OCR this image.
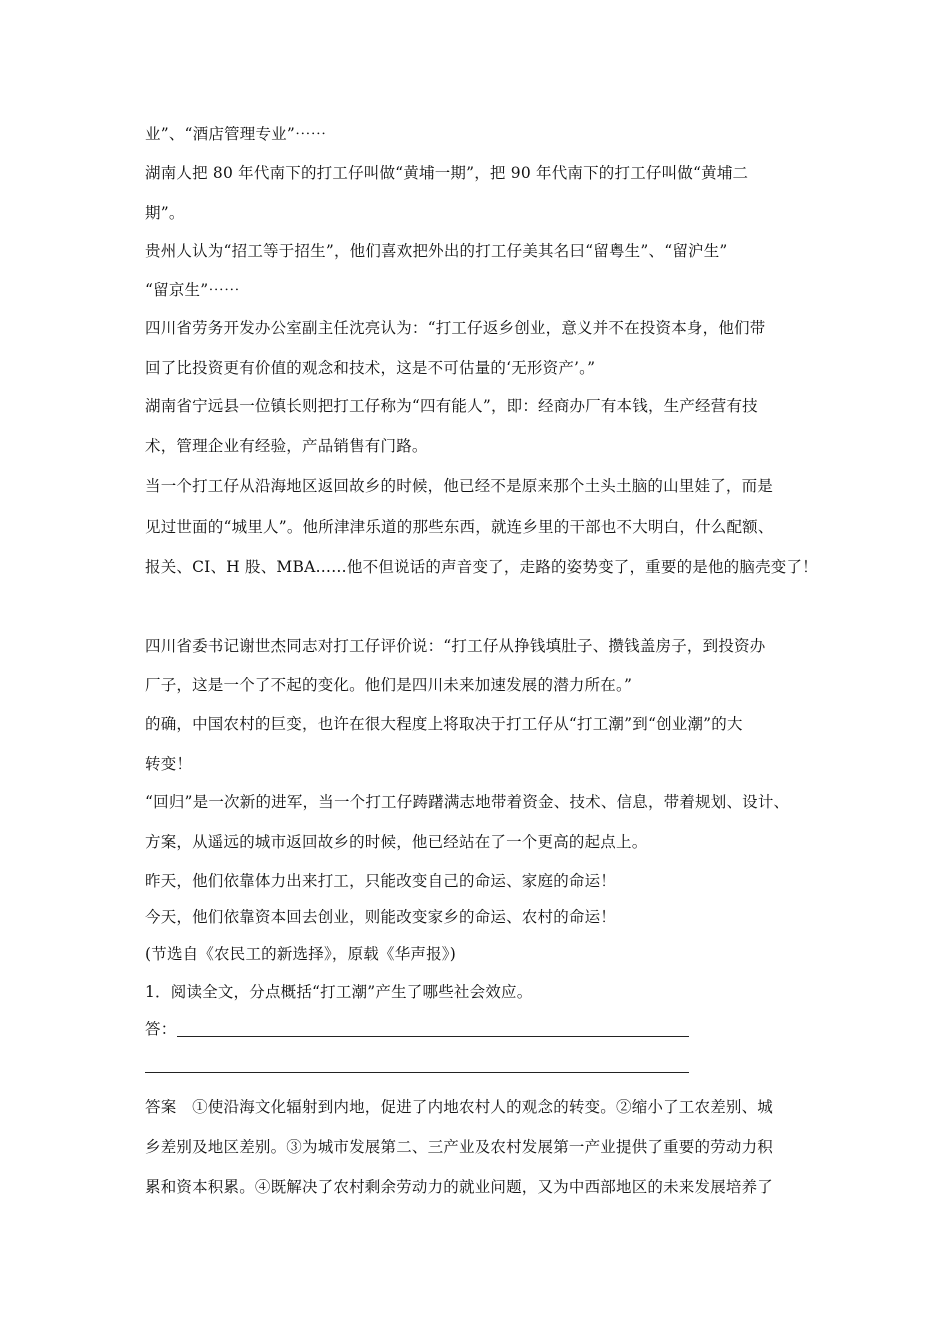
业”、“酒店管理专业”⋯⋯
湖南人把 80 年代南下的打工仔叫做“黄埔一期”，把 90 年代南下的打工仔叫做“黄埔二
期”。
贵州人认为“招工等于招生”，他们喜欢把外出的打工仔美其名曰“留粤生”、“留沪生”
“留京生”⋯⋯
四川省劳务开发办公室副主任沈亮认为：“打工仔返乡创业，意义并不在投资本身，他们带
回了比投资更有价值的观念和技术，这是不可估量的‘无形资产’。”
湖南省宁远县一位镇长则把打工仔称为“四有能人”，即：经商办厂有本钱，生产经营有技
术，管理企业有经验，产品销售有门路。
当一个打工仔从沿海地区返回故乡的时候，他已经不是原来那个土头土脑的山里娃了，而是
见过世面的“城里人”。他所津津乐道的那些东西，就连乡里的干部也不大明白，什么配额、
报关、CI、H 股、MBA……他不但说话的声音变了，走路的姿势变了，重要的是他的脑壳变了！
四川省委书记谢世杰同志对打工仔评价说：“打工仔从挣钱填肚子、攒钱盖房子，到投资办
厂子，这是一个了不起的变化。他们是四川未来加速发展的潜力所在。”
的确，中国农村的巨变，也许在很大程度上将取决于打工仔从“打工潮”到“创业潮”的大
转变！
“回归”是一次新的进军，当一个打工仔踌躇满志地带着资金、技术、信息，带着规划、设计、
方案，从遥远的城市返回故乡的时候，他已经站在了一个更高的起点上。
昨天，他们依靠体力出来打工，只能改变自己的命运、家庭的命运！
今天，他们依靠资本回去创业，则能改变家乡的命运、农村的命运！
(节选自《农民工的新选择》，原载《华声报》)
1．阅读全文，分点概括“打工潮”产生了哪些社会效应。
答：
答案　①使沿海文化辐射到内地，促进了内地农村人的观念的转变。②缩小了工农差别、城
乡差别及地区差别。③为城市发展第二、三产业及农村发展第一产业提供了重要的劳动力积
累和资本积累。④既解决了农村剩余劳动力的就业问题，又为中西部地区的未来发展培养了
